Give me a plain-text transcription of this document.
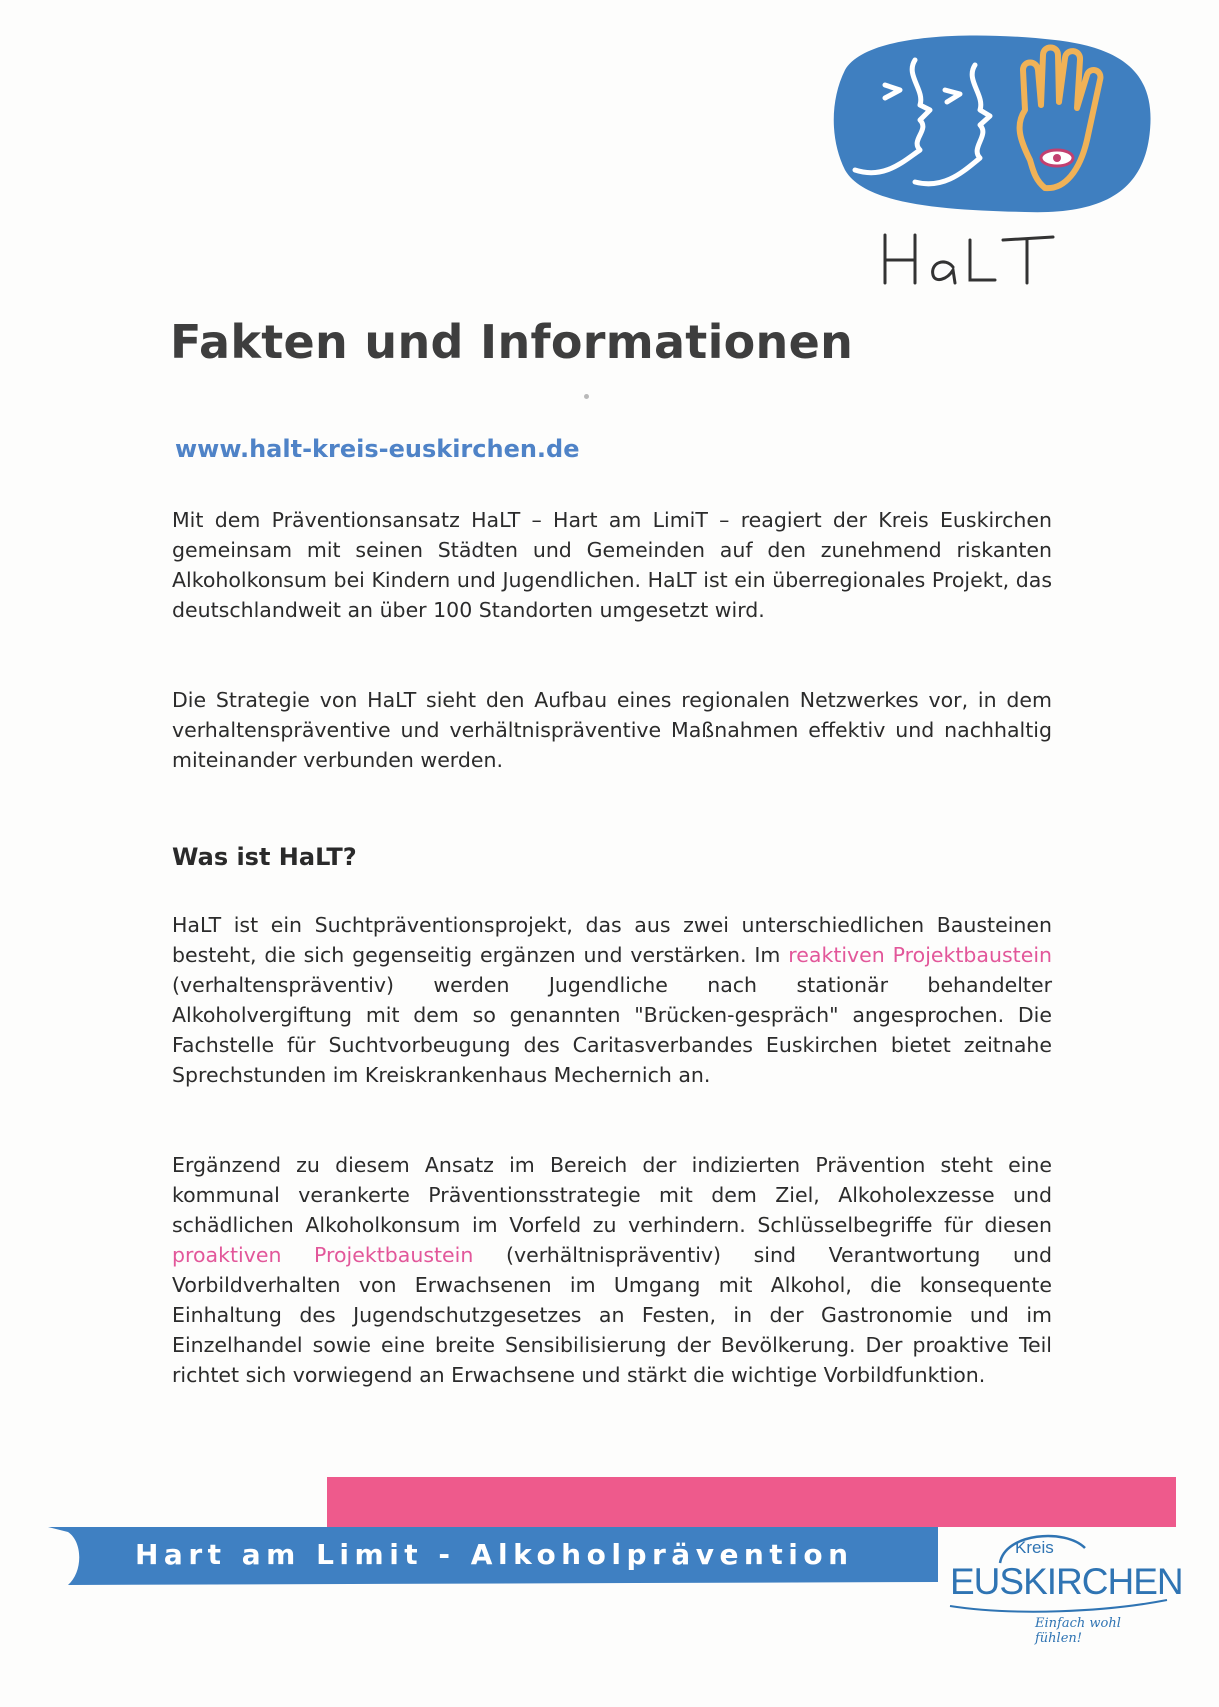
Fakten und Informationen
www.halt-kreis-euskirchen.de

Mit dem Präventionsansatz HaLT – Hart am LimiT – reagiert der Kreis Euskirchen gemeinsam mit seinen Städten und Gemeinden auf den zunehmend riskanten Alkoholkonsum bei Kindern und Jugendlichen. HaLT ist ein überregionales Projekt, das deutschlandweit an über 100 Standorten umgesetzt wird.

Die Strategie von HaLT sieht den Aufbau eines regionalen Netzwerkes vor, in dem verhaltenspräventive und verhältnispräventive Maßnahmen effektiv und nachhaltig miteinander verbunden werden.

Was ist HaLT?

HaLT ist ein Suchtpräventionsprojekt, das aus zwei unterschiedlichen Bausteinen besteht, die sich gegenseitig ergänzen und verstärken. Im reaktiven Projektbaustein (verhaltenspräventiv) werden Jugendliche nach stationär behandelter Alkoholvergiftung mit dem so genannten "Brücken-gespräch" angesprochen. Die Fachstelle für Suchtvorbeugung des Caritasverbandes Euskirchen bietet zeitnahe Sprechstunden im Kreiskrankenhaus Mechernich an.

Ergänzend zu diesem Ansatz im Bereich der indizierten Prävention steht eine kommunal verankerte Präventionsstrategie mit dem Ziel, Alkoholexzesse und schädlichen Alkoholkonsum im Vorfeld zu verhindern. Schlüsselbegriffe für diesen proaktiven Projektbaustein (verhältnispräventiv) sind Verantwortung und Vorbildverhalten von Erwachsenen im Umgang mit Alkohol, die konsequente Einhaltung des Jugendschutzgesetzes an Festen, in der Gastronomie und im Einzelhandel sowie eine breite Sensibilisierung der Bevölkerung. Der proaktive Teil richtet sich vorwiegend an Erwachsene und stärkt die wichtige Vorbildfunktion.

Hart am Limit - Alkoholprävention	Kreis
EUSKIRCHEN
Einfach wohl fühlen!
